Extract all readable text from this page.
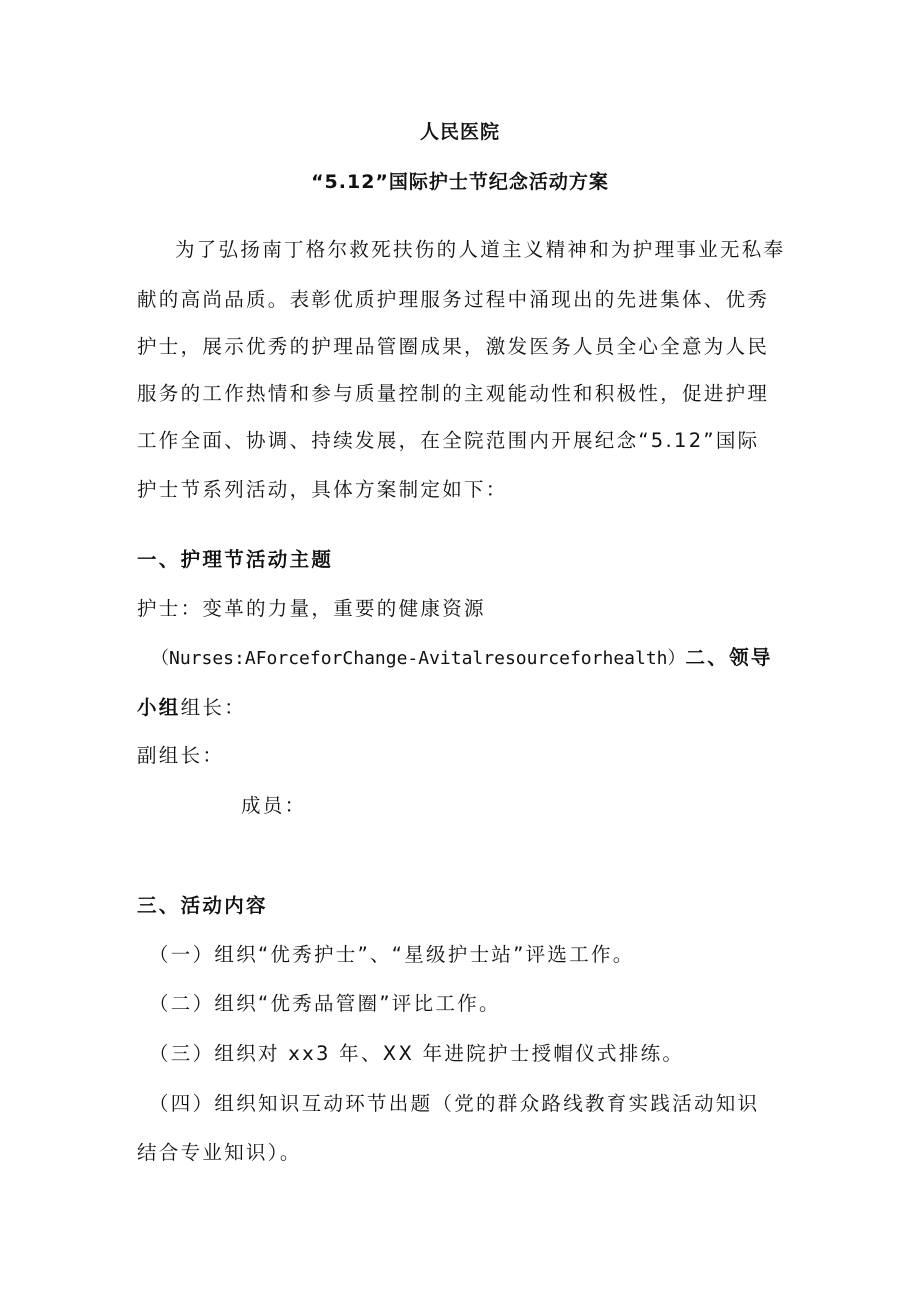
人民医院
“5.12”国际护士节纪念活动方案
为了弘扬南丁格尔救死扶伤的人道主义精神和为护理事业无私奉
献的高尚品质。表彰优质护理服务过程中涌现出的先进集体、优秀
护士，展示优秀的护理品管圈成果，激发医务人员全心全意为人民
服务的工作热情和参与质量控制的主观能动性和积极性，促进护理
工作全面、协调、持续发展，在全院范围内开展纪念“5.12”国际
护士节系列活动，具体方案制定如下：
一、护理节活动主题
护士：变革的力量，重要的健康资源
（Nurses:AForceforChange-Avitalresourceforhealth）二、领导
小组组长：
副组长：
成员：
三、活动内容
（一）组织“优秀护士”、“星级护士站”评选工作。
（二）组织“优秀品管圈”评比工作。
（三）组织对 xx3 年、XX 年进院护士授帽仪式排练。
（四）组织知识互动环节出题（党的群众路线教育实践活动知识
结合专业知识）。
